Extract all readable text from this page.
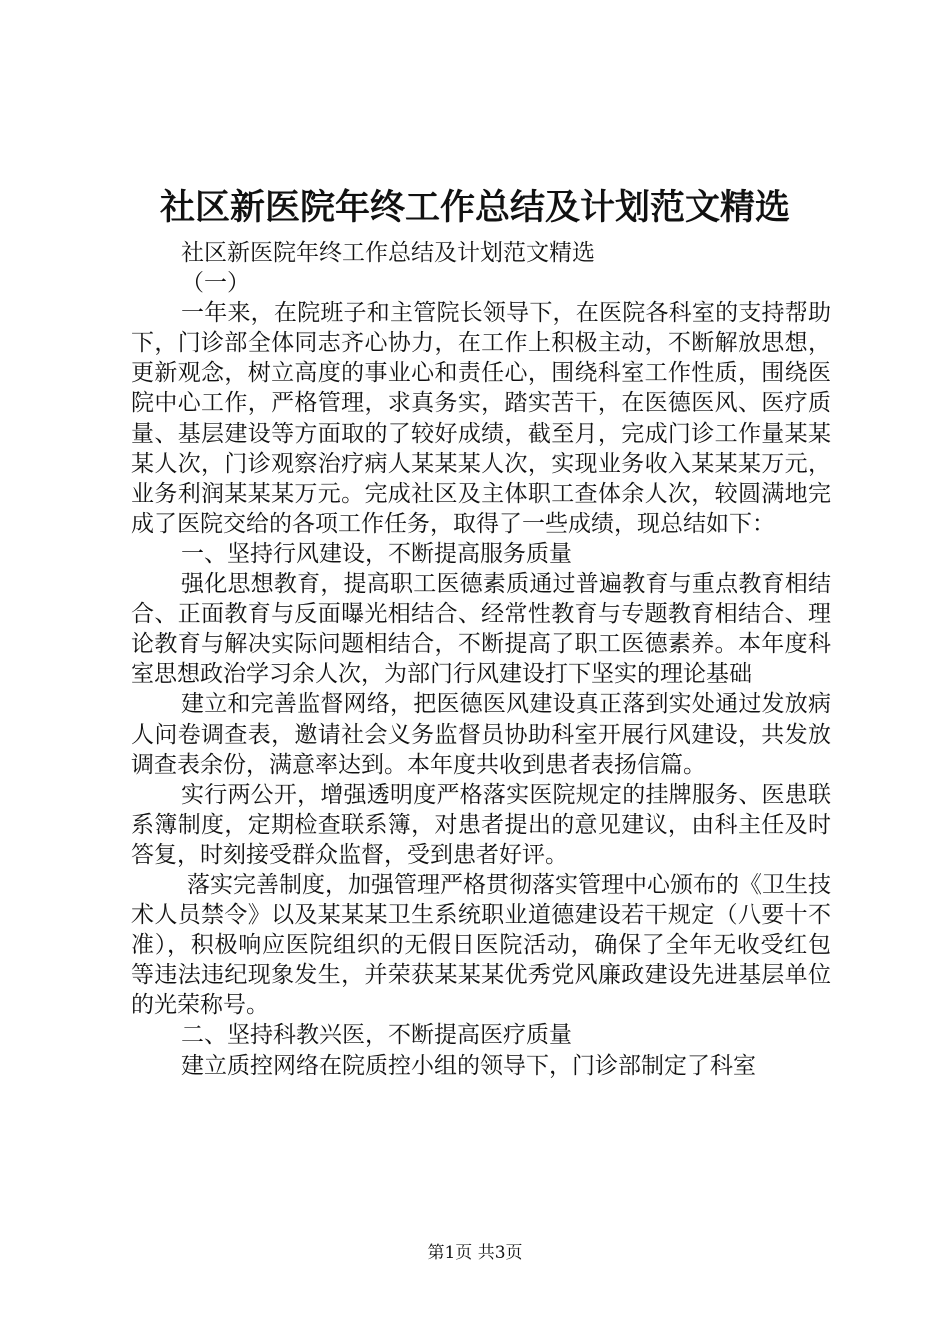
社区新医院年终工作总结及计划范文精选

社区新医院年终工作总结及计划范文精选

（一）

一年来，在院班子和主管院长领导下，在医院各科室的支持帮助下，门诊部全体同志齐心协力，在工作上积极主动，不断解放思想，更新观念，树立高度的事业心和责任心，围绕科室工作性质，围绕医院中心工作，严格管理，求真务实，踏实苦干，在医德医风、医疗质量、基层建设等方面取的了较好成绩，截至月，完成门诊工作量某某某人次，门诊观察治疗病人某某某人次，实现业务收入某某某万元，业务利润某某某万元。完成社区及主体职工查体余人次，较圆满地完成了医院交给的各项工作任务，取得了一些成绩，现总结如下：

一、坚持行风建设，不断提高服务质量

强化思想教育，提高职工医德素质通过普遍教育与重点教育相结合、正面教育与反面曝光相结合、经常性教育与专题教育相结合、理论教育与解决实际问题相结合，不断提高了职工医德素养。本年度科室思想政治学习余人次，为部门行风建设打下坚实的理论基础

建立和完善监督网络，把医德医风建设真正落到实处通过发放病人问卷调查表，邀请社会义务监督员协助科室开展行风建设，共发放调查表余份，满意率达到。本年度共收到患者表扬信篇。

实行两公开，增强透明度严格落实医院规定的挂牌服务、医患联系簿制度，定期检查联系簿，对患者提出的意见建议，由科主任及时答复，时刻接受群众监督，受到患者好评。

落实完善制度，加强管理严格贯彻落实管理中心颁布的《卫生技术人员禁令》以及某某某卫生系统职业道德建设若干规定（八要十不准），积极响应医院组织的无假日医院活动，确保了全年无收受红包等违法违纪现象发生，并荣获某某某优秀党风廉政建设先进基层单位的光荣称号。

二、坚持科教兴医，不断提高医疗质量

建立质控网络在院质控小组的领导下，门诊部制定了科室

第1页 共3页
